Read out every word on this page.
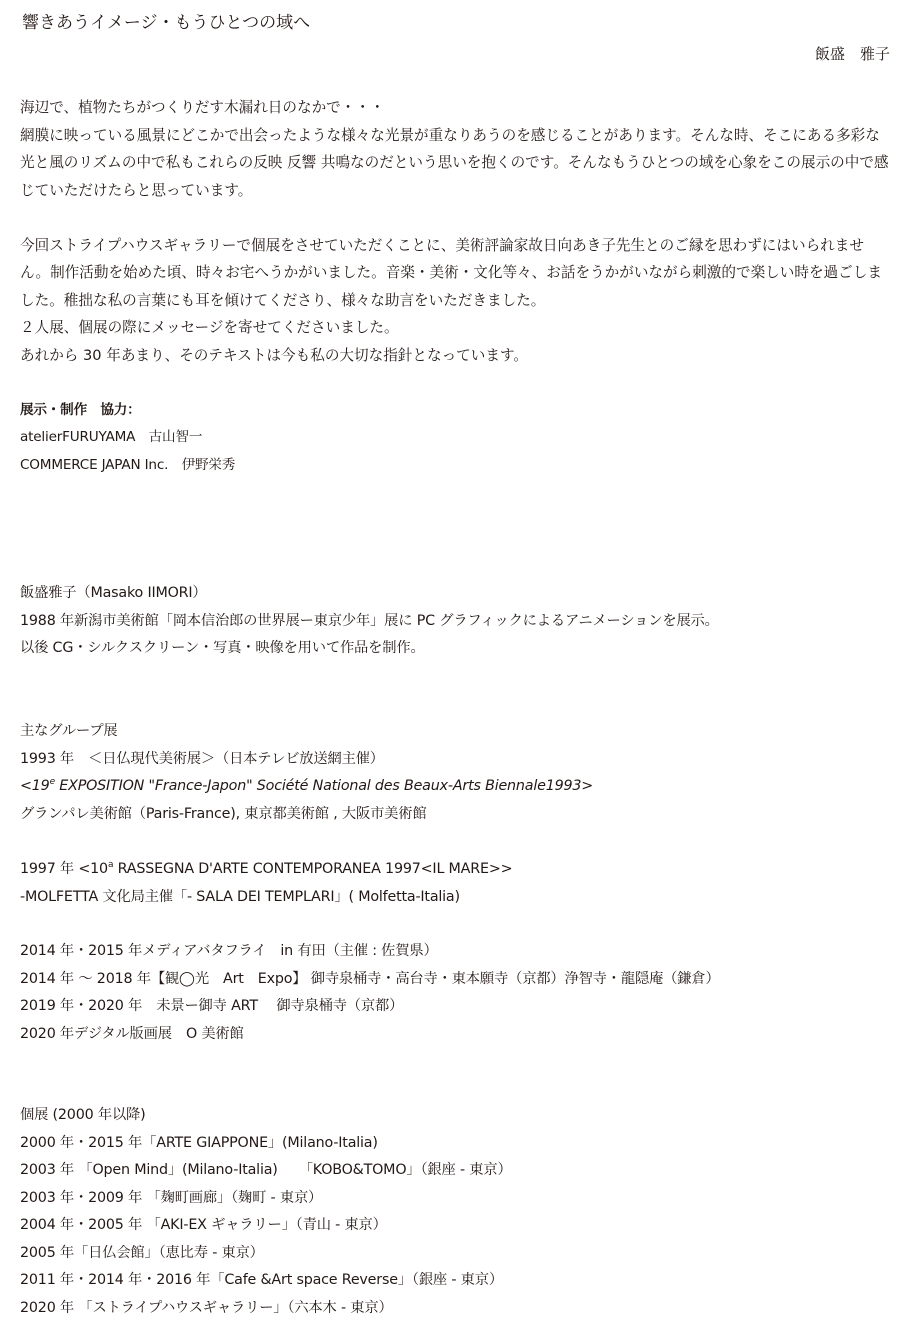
響きあうイメージ・もうひとつの域へ
飯盛　雅子

海辺で、植物たちがつくりだす木漏れ日のなかで・・・

網膜に映っている風景にどこかで出会ったような様々な光景が重なりあうのを感じることがあります。そんな時、そこにある多彩な光と風のリズムの中で私もこれらの反映 反響 共鳴なのだという思いを抱くのです。そんなもうひとつの域を心象をこの展示の中で感じていただけたらと思っています。

今回ストライプハウスギャラリーで個展をさせていただくことに、美術評論家故日向あき子先生とのご縁を思わずにはいられません。制作活動を始めた頃、時々お宅へうかがいました。音楽・美術・文化等々、お話をうかがいながら刺激的で楽しい時を過ごしました。稚拙な私の言葉にも耳を傾けてくださり、様々な助言をいただきました。

２人展、個展の際にメッセージを寄せてくださいました。

あれから 30 年あまり、そのテキストは今も私の大切な指針となっています。

展示・制作　協力：
atelierFURUYAMA　古山智一
COMMERCE JAPAN Inc.　伊野栄秀
飯盛雅子（Masako IIMORI）
1988 年新潟市美術館「岡本信治郎の世界展ー東京少年」展に PC グラフィックによるアニメーションを展示。
以後 CG・シルクスクリーン・写真・映像を用いて作品を制作。
主なグループ展
1993 年　＜日仏現代美術展＞（日本テレビ放送網主催）
$<19^e$ EXPOSITION "France-Japon" Société National des Beaux-Arts Biennale1993>
グランパレ美術館（Paris-France), 東京都美術館 , 大阪市美術館
1997 年 $<10^a$ RASSEGNA D'ARTE CONTEMPORANEA 1997<IL MARE>>
-MOLFETTA 文化局主催「- SALA DEI TEMPLARI」( Molfetta-Italia)
2014 年・2015 年メディアバタフライ　in 有田（主催 : 佐賀県）
2014 年 〜 2018 年【観◯光　Art　Expo】 御寺泉桶寺・高台寺・東本願寺（京都）浄智寺・龍隠庵（鎌倉）
2019 年・2020 年　未景ー御寺 ART　 御寺泉桶寺（京都）
2020 年デジタル版画展　O 美術館
個展 (2000 年以降)
2000 年・2015 年「ARTE GIAPPONE」(Milano-Italia)
2003 年 「Open Mind」(Milano-Italia)　　「KOBO&TOMO」（銀座 - 東京）
2003 年・2009 年 「麹町画廊」（麹町 - 東京）
2004 年・2005 年 「AKI-EX ギャラリー」（青山 - 東京）
2005 年「日仏会館」（恵比寿 - 東京）
2011 年・2014 年・2016 年「Cafe &Art space Reverse」（銀座 - 東京）
2020 年 「ストライプハウスギャラリー」（六本木 - 東京）
